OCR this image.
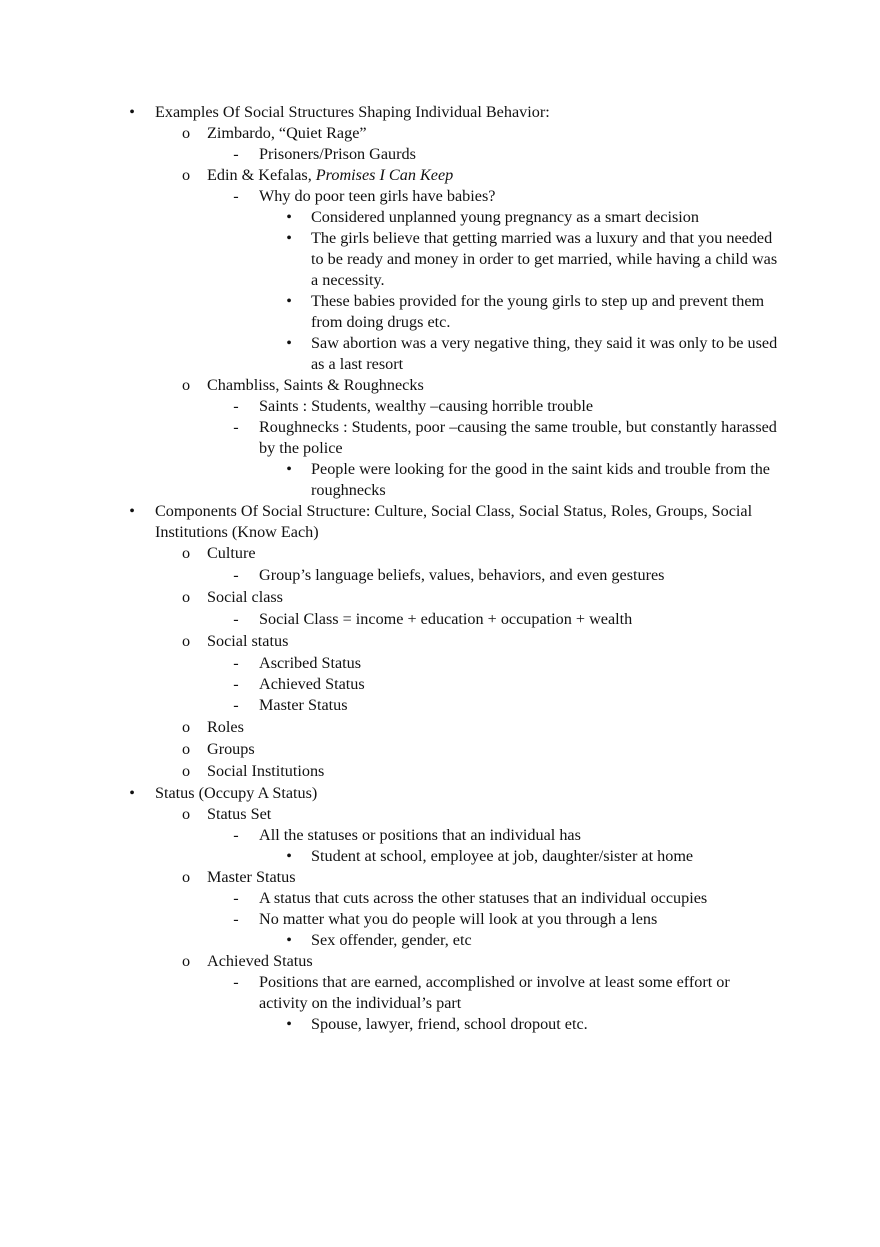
• Examples Of Social Structures Shaping Individual Behavior:
o Zimbardo, “Quiet Rage”
- Prisoners/Prison Gaurds
o Edin & Kefalas, Promises I Can Keep
- Why do poor teen girls have babies?
• Considered unplanned young pregnancy as a smart decision
• The girls believe that getting married was a luxury and that you needed to be ready and money in order to get married, while having a child was a necessity.
• These babies provided for the young girls to step up and prevent them from doing drugs etc.
• Saw abortion was a very negative thing, they said it was only to be used as a last resort
o Chambliss, Saints & Roughnecks
- Saints : Students, wealthy –causing horrible trouble
- Roughnecks : Students, poor –causing the same trouble, but constantly harassed by the police
• People were looking for the good in the saint kids and trouble from the roughnecks
• Components Of Social Structure: Culture, Social Class, Social Status, Roles, Groups, Social Institutions (Know Each)
o Culture
- Group’s language beliefs, values, behaviors, and even gestures
o Social class
- Social Class = income + education + occupation + wealth
o Social status
- Ascribed Status
- Achieved Status
- Master Status
o Roles
o Groups
o Social Institutions
• Status (Occupy A Status)
o Status Set
- All the statuses or positions that an individual has
• Student at school, employee at job, daughter/sister at home
o Master Status
- A status that cuts across the other statuses that an individual occupies
- No matter what you do people will look at you through a lens
• Sex offender, gender, etc
o Achieved Status
- Positions that are earned, accomplished or involve at least some effort or activity on the individual’s part
• Spouse, lawyer, friend, school dropout etc.
